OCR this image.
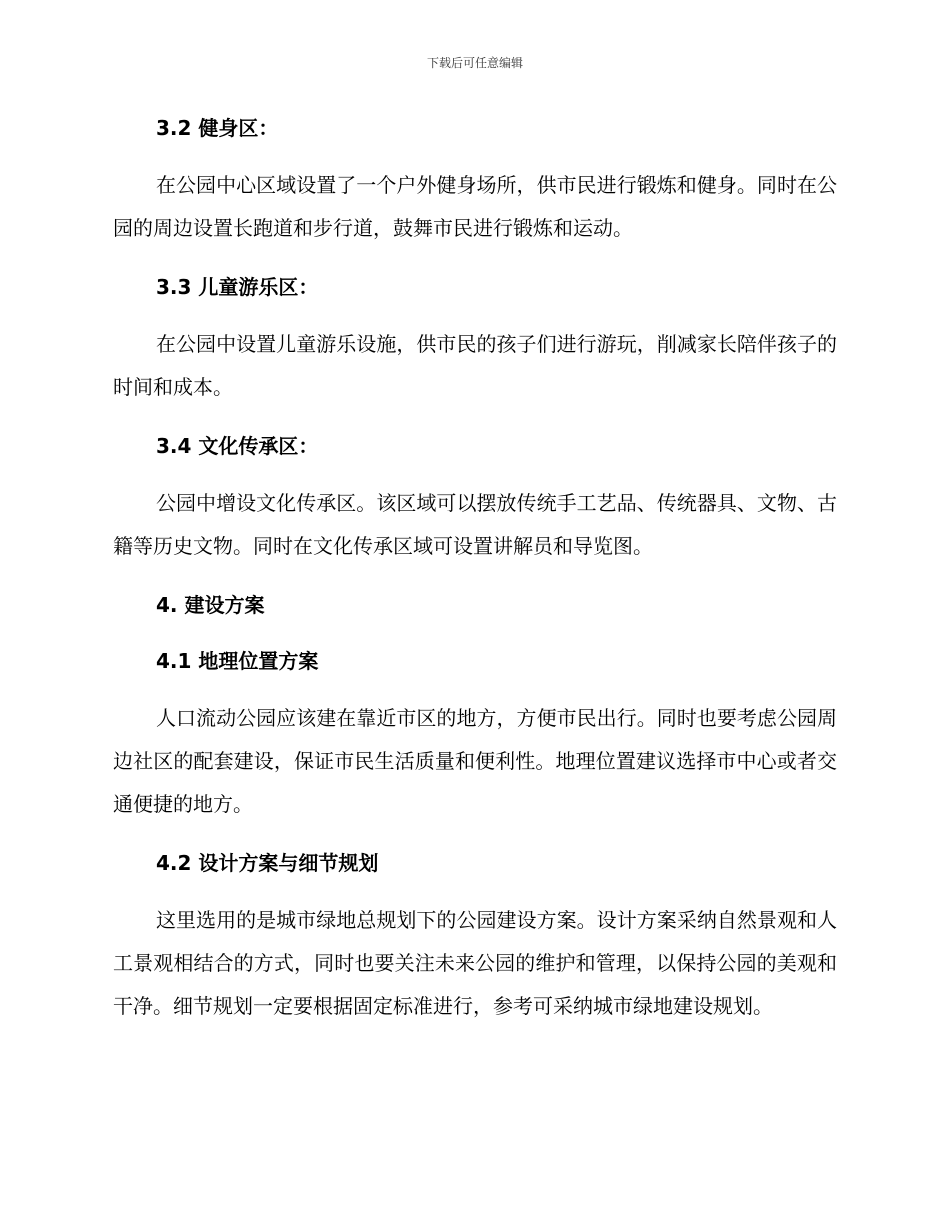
下载后可任意编辑
3.2 健身区：

在公园中心区域设置了一个户外健身场所，供市民进行锻炼和健身。同时在公园的周边设置长跑道和步行道，鼓舞市民进行锻炼和运动。

3.3 儿童游乐区：

在公园中设置儿童游乐设施，供市民的孩子们进行游玩，削减家长陪伴孩子的时间和成本。

3.4 文化传承区：

公园中增设文化传承区。该区域可以摆放传统手工艺品、传统器具、文物、古籍等历史文物。同时在文化传承区域可设置讲解员和导览图。

4. 建设方案
4.1 地理位置方案

人口流动公园应该建在靠近市区的地方，方便市民出行。同时也要考虑公园周边社区的配套建设，保证市民生活质量和便利性。地理位置建议选择市中心或者交通便捷的地方。

4.2 设计方案与细节规划

这里选用的是城市绿地总规划下的公园建设方案。设计方案采纳自然景观和人工景观相结合的方式，同时也要关注未来公园的维护和管理，以保持公园的美观和干净。细节规划一定要根据固定标准进行，参考可采纳城市绿地建设规划。
